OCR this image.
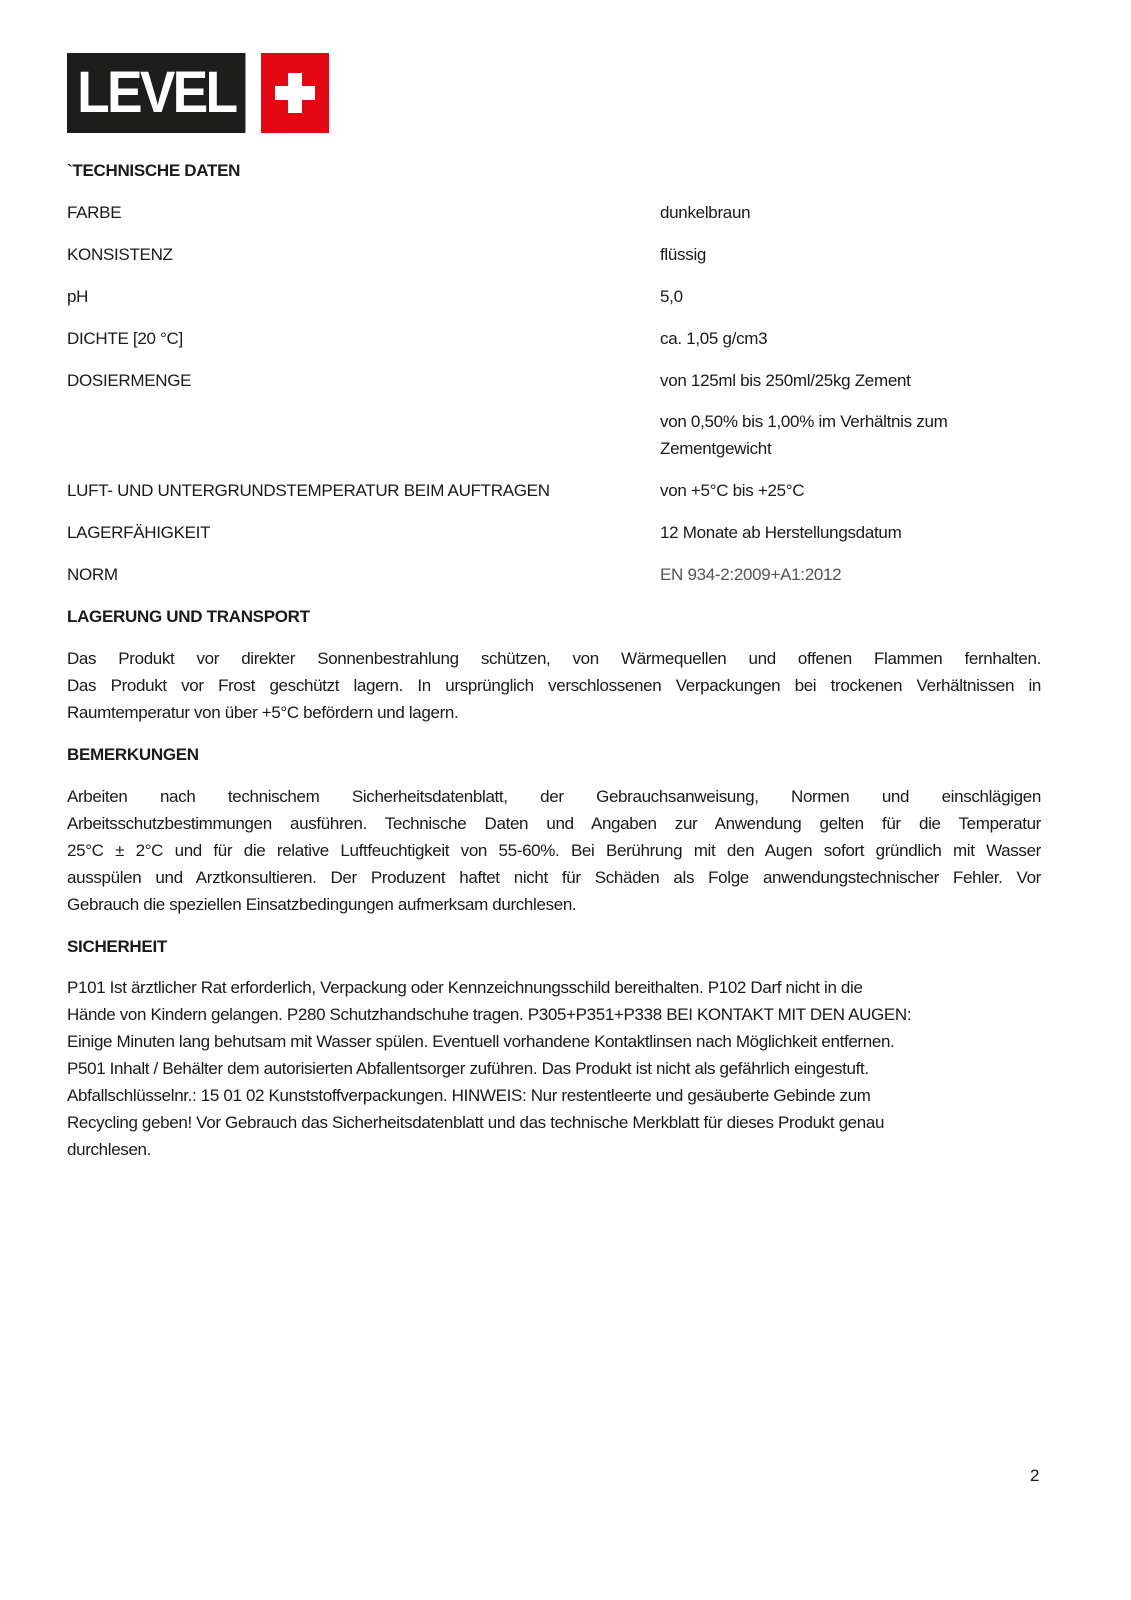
LEVEL
`TECHNISCHE DATEN
FARBE	dunkelbraun
KONSISTENZ	flüssig
pH	5,0
DICHTE [20 °C]	ca. 1,05 g/cm3
DOSIERMENGE	von 125ml bis 250ml/25kg Zement
von 0,50% bis 1,00% im Verhältnis zum
Zementgewicht
LUFT- UND UNTERGRUNDSTEMPERATUR BEIM AUFTRAGEN	von +5°C bis +25°C
LAGERFÄHIGKEIT	12 Monate ab Herstellungsdatum
NORM	EN 934-2:2009+A1:2012
LAGERUNG UND TRANSPORT
Das Produkt vor direkter Sonnenbestrahlung schützen, von Wärmequellen und offenen Flammen fernhalten.
Das Produkt vor Frost geschützt lagern. In ursprünglich verschlossenen Verpackungen bei trockenen Verhältnissen in
Raumtemperatur von über +5°C befördern und lagern.
BEMERKUNGEN
Arbeiten nach technischem Sicherheitsdatenblatt, der Gebrauchsanweisung, Normen und einschlägigen
Arbeitsschutzbestimmungen ausführen. Technische Daten und Angaben zur Anwendung gelten für die Temperatur
25°C ± 2°C und für die relative Luftfeuchtigkeit von 55-60%. Bei Berührung mit den Augen sofort gründlich mit Wasser
ausspülen und Arztkonsultieren. Der Produzent haftet nicht für Schäden als Folge anwendungstechnischer Fehler. Vor
Gebrauch die speziellen Einsatzbedingungen aufmerksam durchlesen.
SICHERHEIT
P101 Ist ärztlicher Rat erforderlich, Verpackung oder Kennzeichnungsschild bereithalten. P102 Darf nicht in die
Hände von Kindern gelangen. P280 Schutzhandschuhe tragen. P305+P351+P338 BEI KONTAKT MIT DEN AUGEN:
Einige Minuten lang behutsam mit Wasser spülen. Eventuell vorhandene Kontaktlinsen nach Möglichkeit entfernen.
P501 Inhalt / Behälter dem autorisierten Abfallentsorger zuführen. Das Produkt ist nicht als gefährlich eingestuft.
Abfallschlüsselnr.: 15 01 02 Kunststoffverpackungen. HINWEIS: Nur restentleerte und gesäuberte Gebinde zum
Recycling geben! Vor Gebrauch das Sicherheitsdatenblatt und das technische Merkblatt für dieses Produkt genau
durchlesen.
2
